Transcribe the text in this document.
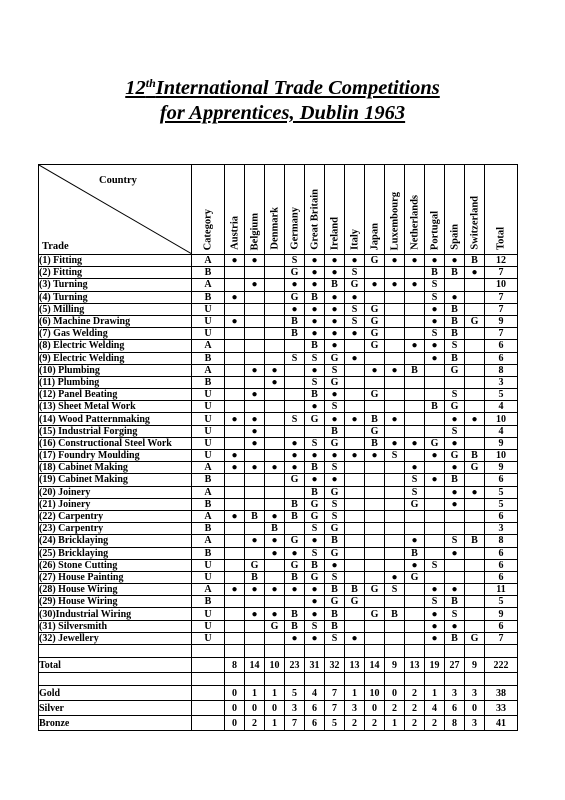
12thInternational Trade Competitions
for Apprentices, Dublin 1963
Country
Trade	Category	Austria	Belgium	Denmark	Germany	Great Britain	Ireland	Italy	Japan	Luxembourg	Netherlands	Portugal	Spain	Switzerland	Total

(1) Fitting	A	●	●		S	●	●	●	G	●	●	●	●	B	12
(2) Fitting	B				G	●	●	S				B	B	●	7
(3) Turning	A		●		●	●	B	G	●	●	●	S			10
(4) Turning	B	●			G	B	●	●				S	●		7
(5) Milling	U				●	●	●	S	G			●	B		7
(6) Machine Drawing	U	●			B	●	●	S	G			●	B	G	9
(7) Gas Welding	U				B	●	●	●	G			S	B		7
(8) Electric Welding	A					B	●		G		●	●	S		6
(9) Electric Welding	B				S	S	G	●				●	B		6
(10) Plumbing	A		●	●		●	S		●	●	B		G		8
(11) Plumbing	B			●		S	G								3
(12) Panel Beating	U		●			B	●		G				S		5
(13) Sheet Metal Work	U					●	S					B	G		4
(14) Wood Patternmaking	U	●	●		S	G	●	●	B	●			●	●	10
(15) Industrial Forging	U		●				B		G				S		4
(16) Constructional Steel Work	U		●		●	S	G		B	●	●	G	●		9
(17) Foundry Moulding	U	●			●	●	●	●	●	S		●	G	B	10
(18) Cabinet Making	A	●	●	●	●	B	S				●		●	G	9
(19) Cabinet Making	B				G	●	●				S	●	B		6
(20) Joinery	A					B	G				S		●	●	5
(21) Joinery	B				B	G	S				G		●		5
(22) Carpentry	A	●	B	●	B	G	S								6
(23) Carpentry	B			B		S	G								3
(24) Bricklaying	A		●	●	G	●	B				●		S	B	8
(25) Bricklaying	B			●	●	S	G				B		●		6
(26) Stone Cutting	U		G		G	B	●				●	S			6
(27) House Painting	U		B		B	G	S			●	G				6
(28) House Wiring	A	●	●	●	●	●	B	B	G	S		●	●		11
(29) House Wiring	B					●	G	G				S	B		5
(30)Industrial Wiring	U		●	●	B	●	B		G	B		●	S		9
(31) Silversmith	U			G	B	S	B					●	●		6
(32) Jewellery	U				●	●	S	●				●	B	G	7

Total		8	14	10	23	31	32	13	14	9	13	19	27	9	222

Gold		0	1	1	5	4	7	1	10	0	2	1	3	3	38
Silver		0	0	0	3	6	7	3	0	2	2	4	6	0	33
Bronze		0	2	1	7	6	5	2	2	1	2	2	8	3	41
